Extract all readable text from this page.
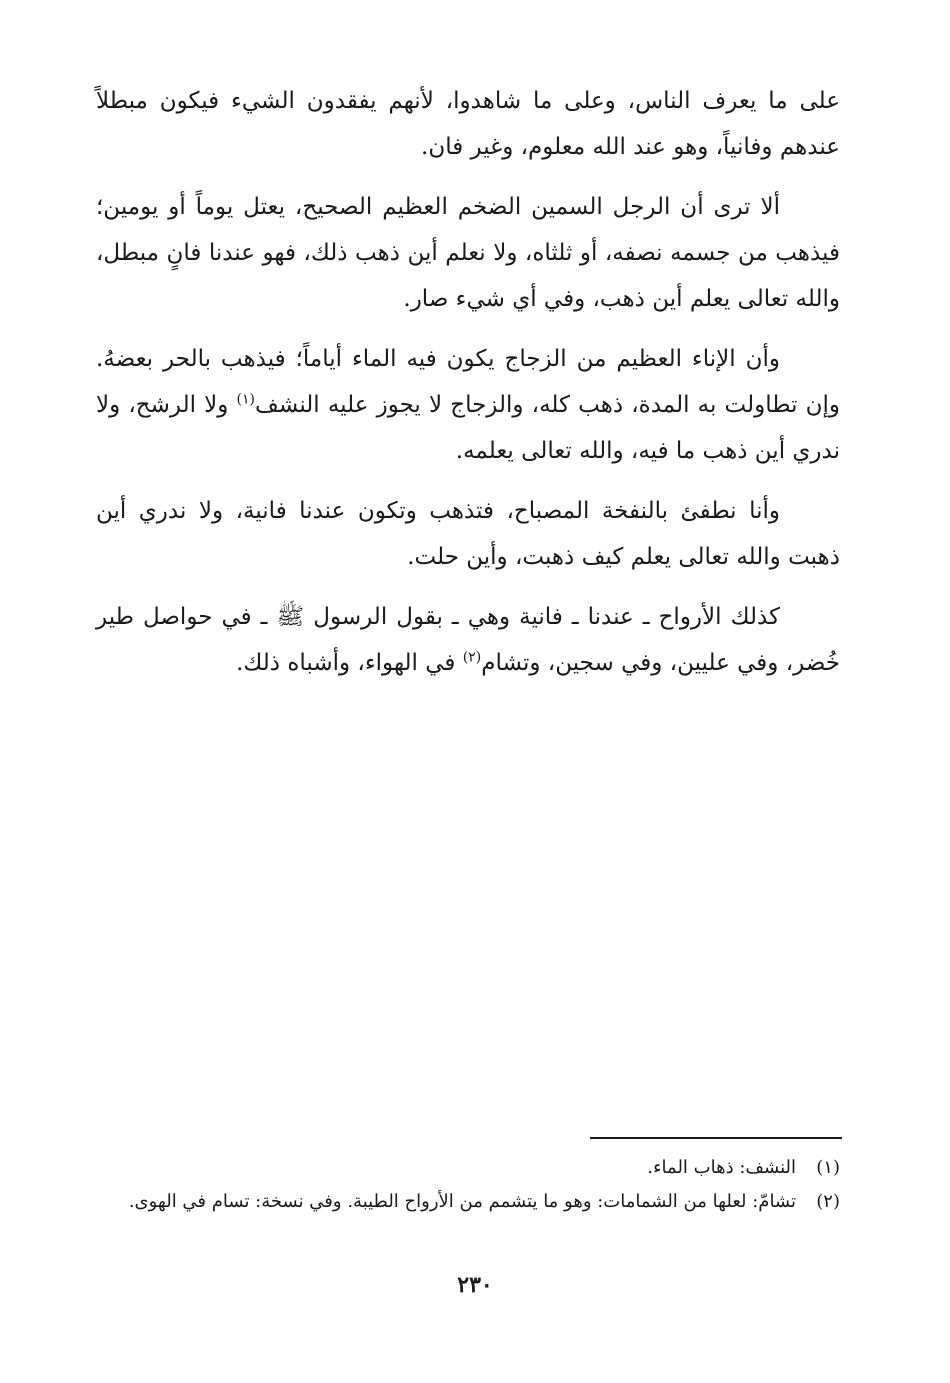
على ما يعرف الناس، وعلى ما شاهدوا، لأنهم يفقدون الشيء فيكون مبطلاً عندهم وفانياً، وهو عند الله معلوم، وغير فان.

ألا ترى أن الرجل السمين الضخم العظيم الصحيح، يعتل يوماً أو يومين؛ فيذهب من جسمه نصفه، أو ثلثاه، ولا نعلم أين ذهب ذلك، فهو عندنا فانٍ مبطل، والله تعالى يعلم أين ذهب، وفي أي شيء صار.

وأن الإناء العظيم من الزجاج يكون فيه الماء أياماً؛ فيذهب بالحر بعضهُ. وإن تطاولت به المدة، ذهب كله، والزجاج لا يجوز عليه النشف$^{(١)}$ ولا الرشح، ولا ندري أين ذهب ما فيه، والله تعالى يعلمه.

وأنا نطفئ بالنفخة المصباح، فتذهب وتكون عندنا فانية، ولا ندري أين ذهبت والله تعالى يعلم كيف ذهبت، وأين حلت.

كذلك الأرواح ـ عندنا ـ فانية وهي ـ بقول الرسول ﷺ ـ في حواصل طير خُضر، وفي عليين، وفي سجين، وتشام$^{(٢)}$ في الهواء، وأشباه ذلك.

(١)
النشف: ذهاب الماء.
(٢)
تشامّ: لعلها من الشمامات: وهو ما يتشمم من الأرواح الطيبة. وفي نسخة: تسام في الهوى.
٢٣٠
